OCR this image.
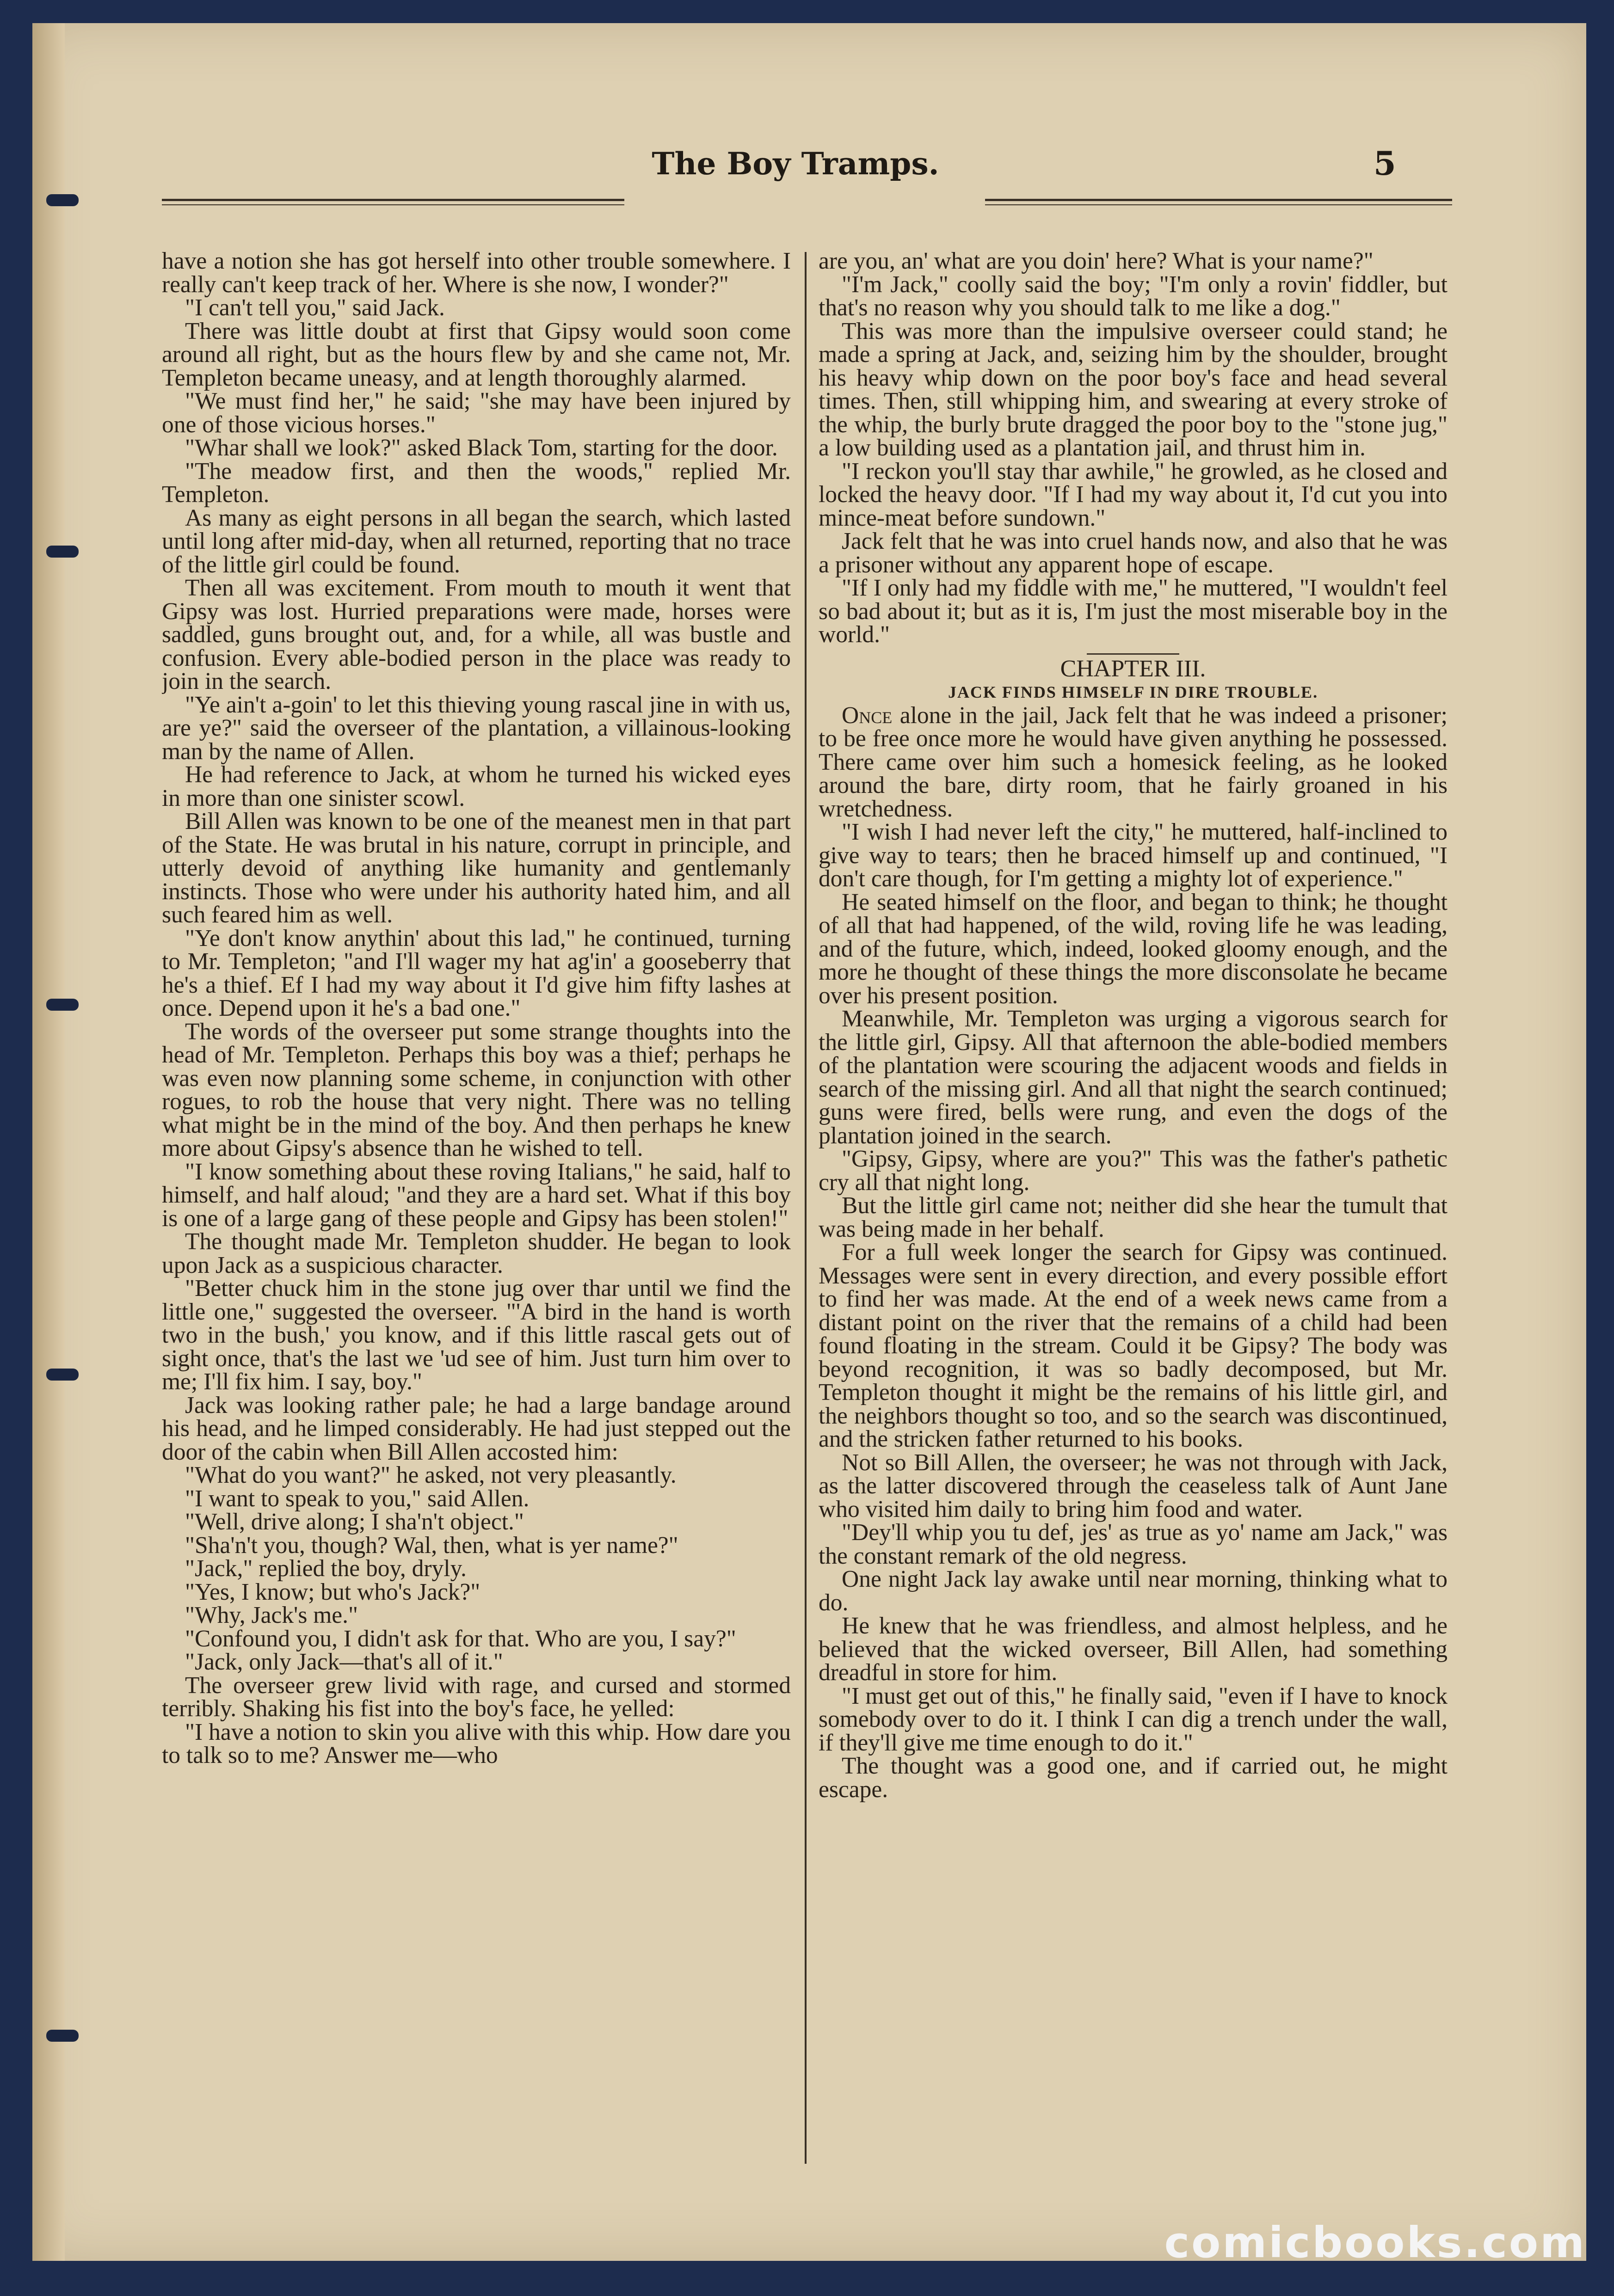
The Boy Tramps.	5

have a notion she has got herself into other trouble somewhere. I really can't keep track of her. Where is she now, I wonder?"

"I can't tell you," said Jack.

There was little doubt at first that Gipsy would soon come around all right, but as the hours flew by and she came not, Mr. Templeton became uneasy, and at length thoroughly alarmed.

"We must find her," he said; "she may have been injured by one of those vicious horses."

"Whar shall we look?" asked Black Tom, starting for the door.

"The meadow first, and then the woods," replied Mr. Templeton.

As many as eight persons in all began the search, which lasted until long after mid-day, when all returned, reporting that no trace of the little girl could be found.

Then all was excitement. From mouth to mouth it went that Gipsy was lost. Hurried preparations were made, horses were saddled, guns brought out, and, for a while, all was bustle and confusion. Every able-bodied person in the place was ready to join in the search.

"Ye ain't a-goin' to let this thieving young rascal jine in with us, are ye?" said the overseer of the plantation, a villainous-looking man by the name of Allen.

He had reference to Jack, at whom he turned his wicked eyes in more than one sinister scowl.

Bill Allen was known to be one of the meanest men in that part of the State. He was brutal in his nature, corrupt in principle, and utterly devoid of anything like humanity and gentlemanly instincts. Those who were under his authority hated him, and all such feared him as well.

"Ye don't know anythin' about this lad," he continued, turning to Mr. Templeton; "and I'll wager my hat ag'in' a gooseberry that he's a thief. Ef I had my way about it I'd give him fifty lashes at once. Depend upon it he's a bad one."

The words of the overseer put some strange thoughts into the head of Mr. Templeton. Perhaps this boy was a thief; perhaps he was even now planning some scheme, in conjunction with other rogues, to rob the house that very night. There was no telling what might be in the mind of the boy. And then perhaps he knew more about Gipsy's absence than he wished to tell.

"I know something about these roving Italians," he said, half to himself, and half aloud; "and they are a hard set. What if this boy is one of a large gang of these people and Gipsy has been stolen!"

The thought made Mr. Templeton shudder. He began to look upon Jack as a suspicious character.

"Better chuck him in the stone jug over thar until we find the little one," suggested the overseer. "'A bird in the hand is worth two in the bush,' you know, and if this little rascal gets out of sight once, that's the last we 'ud see of him. Just turn him over to me; I'll fix him. I say, boy."

Jack was looking rather pale; he had a large bandage around his head, and he limped considerably. He had just stepped out the door of the cabin when Bill Allen accosted him:

"What do you want?" he asked, not very pleasantly.

"I want to speak to you," said Allen.

"Well, drive along; I sha'n't object."

"Sha'n't you, though? Wal, then, what is yer name?"

"Jack," replied the boy, dryly.

"Yes, I know; but who's Jack?"

"Why, Jack's me."

"Confound you, I didn't ask for that. Who are you, I say?"

"Jack, only Jack—that's all of it."

The overseer grew livid with rage, and cursed and stormed terribly. Shaking his fist into the boy's face, he yelled:

"I have a notion to skin you alive with this whip. How dare you to talk so to me? Answer me—who

are you, an' what are you doin' here? What is your name?"

"I'm Jack," coolly said the boy; "I'm only a rovin' fiddler, but that's no reason why you should talk to me like a dog."

This was more than the impulsive overseer could stand; he made a spring at Jack, and, seizing him by the shoulder, brought his heavy whip down on the poor boy's face and head several times. Then, still whipping him, and swearing at every stroke of the whip, the burly brute dragged the poor boy to the "stone jug," a low building used as a plantation jail, and thrust him in.

"I reckon you'll stay thar awhile," he growled, as he closed and locked the heavy door. "If I had my way about it, I'd cut you into mince-meat before sundown."

Jack felt that he was into cruel hands now, and also that he was a prisoner without any apparent hope of escape.

"If I only had my fiddle with me," he muttered, "I wouldn't feel so bad about it; but as it is, I'm just the most miserable boy in the world."

CHAPTER III.

JACK FINDS HIMSELF IN DIRE TROUBLE.

Once alone in the jail, Jack felt that he was indeed a prisoner; to be free once more he would have given anything he possessed. There came over him such a homesick feeling, as he looked around the bare, dirty room, that he fairly groaned in his wretchedness.

"I wish I had never left the city," he muttered, half-inclined to give way to tears; then he braced himself up and continued, "I don't care though, for I'm getting a mighty lot of experience."

He seated himself on the floor, and began to think; he thought of all that had happened, of the wild, roving life he was leading, and of the future, which, indeed, looked gloomy enough, and the more he thought of these things the more disconsolate he became over his present position.

Meanwhile, Mr. Templeton was urging a vigorous search for the little girl, Gipsy. All that afternoon the able-bodied members of the plantation were scouring the adjacent woods and fields in search of the missing girl. And all that night the search continued; guns were fired, bells were rung, and even the dogs of the plantation joined in the search.

"Gipsy, Gipsy, where are you?" This was the father's pathetic cry all that night long.

But the little girl came not; neither did she hear the tumult that was being made in her behalf.

For a full week longer the search for Gipsy was continued. Messages were sent in every direction, and every possible effort to find her was made. At the end of a week news came from a distant point on the river that the remains of a child had been found floating in the stream. Could it be Gipsy? The body was beyond recognition, it was so badly decomposed, but Mr. Templeton thought it might be the remains of his little girl, and the neighbors thought so too, and so the search was discontinued, and the stricken father returned to his books.

Not so Bill Allen, the overseer; he was not through with Jack, as the latter discovered through the ceaseless talk of Aunt Jane who visited him daily to bring him food and water.

"Dey'll whip you tu def, jes' as true as yo' name am Jack," was the constant remark of the old negress.

One night Jack lay awake until near morning, thinking what to do.

He knew that he was friendless, and almost helpless, and he believed that the wicked overseer, Bill Allen, had something dreadful in store for him.

"I must get out of this," he finally said, "even if I have to knock somebody over to do it. I think I can dig a trench under the wall, if they'll give me time enough to do it."

The thought was a good one, and if carried out, he might escape.

comicbooks.com
